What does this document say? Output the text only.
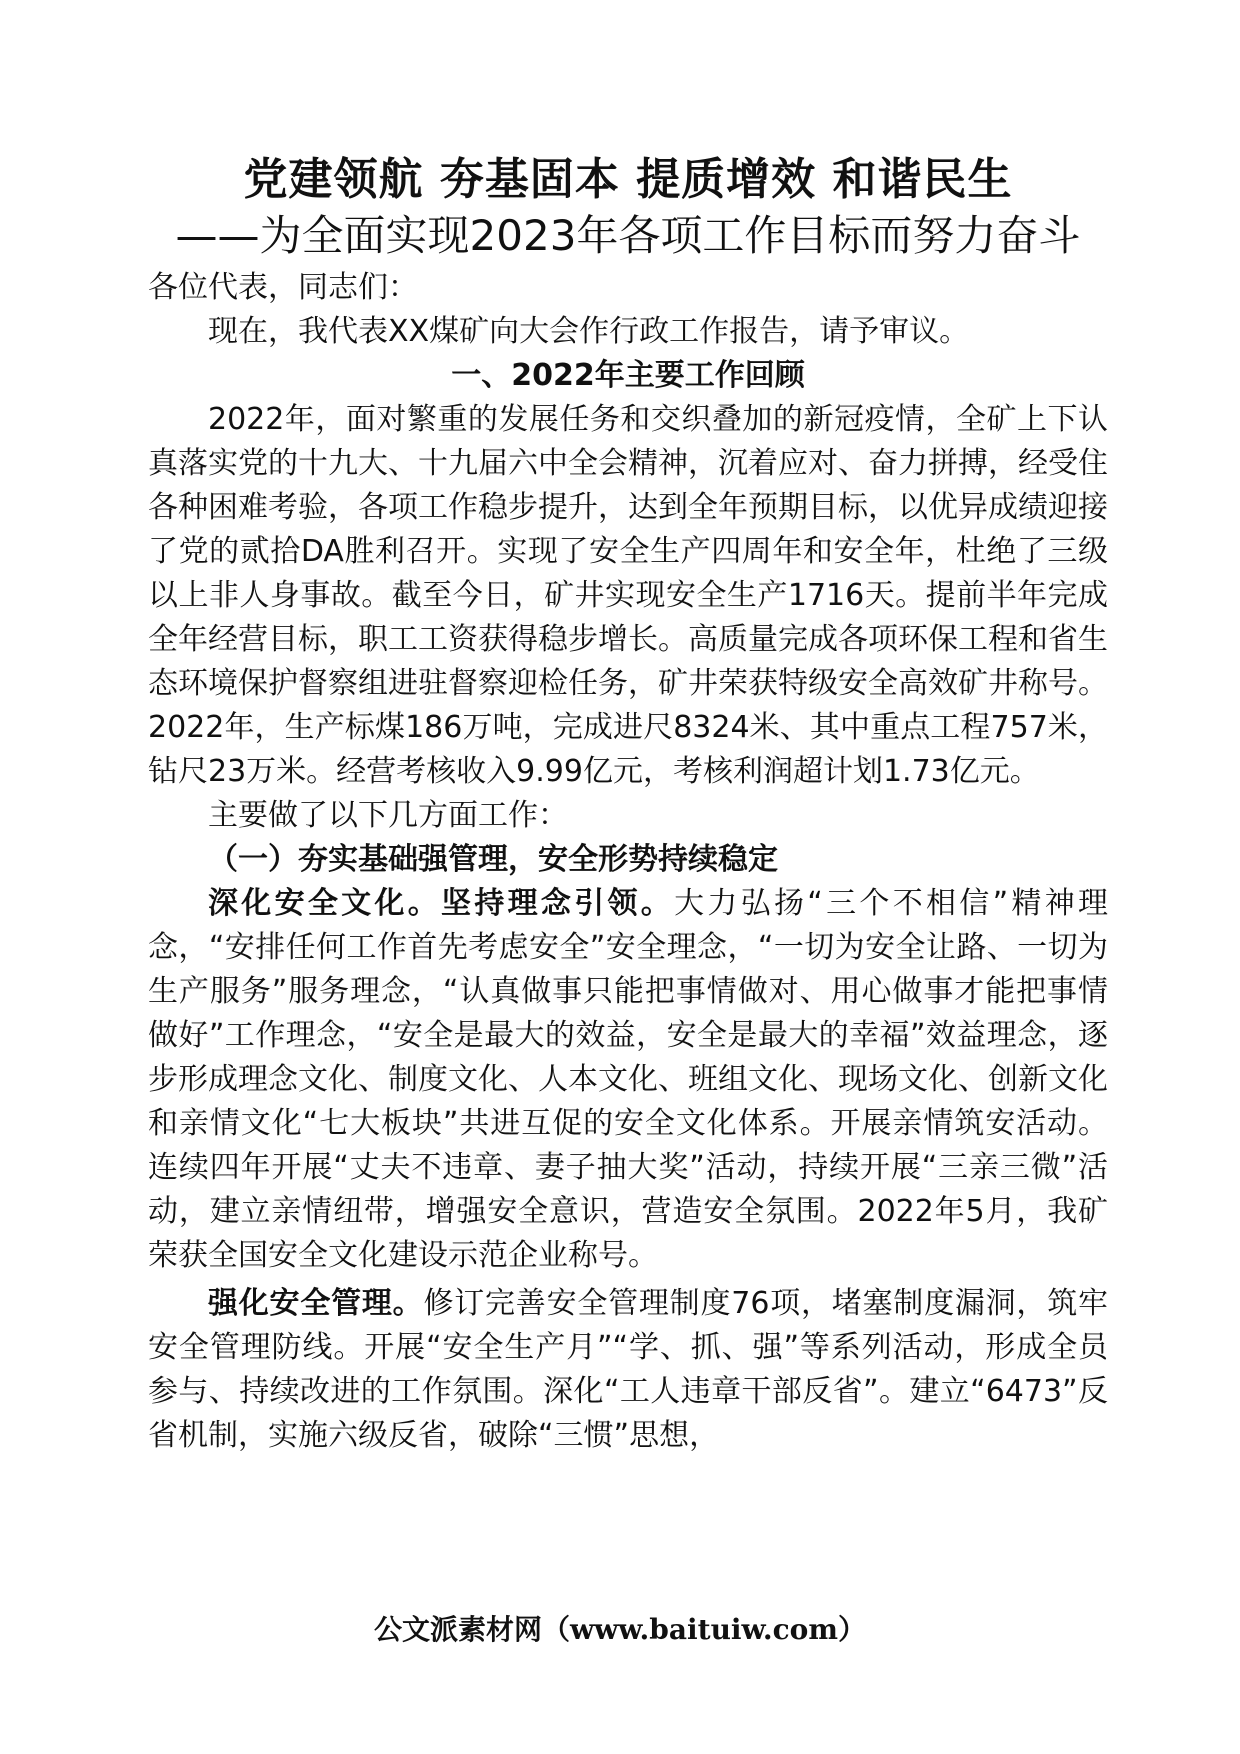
党建领航 夯基固本 提质增效 和谐民生

——为全面实现2023年各项工作目标而努力奋斗

各位代表，同志们：

现在，我代表XX煤矿向大会作行政工作报告，请予审议。

一、2022年主要工作回顾

2022年，面对繁重的发展任务和交织叠加的新冠疫情，全矿上下认真落实党的十九大、十九届六中全会精神，沉着应对、奋力拼搏，经受住各种困难考验，各项工作稳步提升，达到全年预期目标，以优异成绩迎接了党的贰拾DA胜利召开。实现了安全生产四周年和安全年，杜绝了三级以上非人身事故。截至今日，矿井实现安全生产1716天。提前半年完成全年经营目标，职工工资获得稳步增长。高质量完成各项环保工程和省生态环境保护督察组进驻督察迎检任务，矿井荣获特级安全高效矿井称号。2022年，生产标煤186万吨，完成进尺8324米、其中重点工程757米，钻尺23万米。经营考核收入9.99亿元，考核利润超计划1.73亿元。

主要做了以下几方面工作：

（一）夯实基础强管理，安全形势持续稳定

深化安全文化。坚持理念引领。大力弘扬“三个不相信”精神理念，“安排任何工作首先考虑安全”安全理念，“一切为安全让路、一切为生产服务”服务理念，“认真做事只能把事情做对、用心做事才能把事情做好”工作理念，“安全是最大的效益，安全是最大的幸福”效益理念，逐步形成理念文化、制度文化、人本文化、班组文化、现场文化、创新文化和亲情文化“七大板块”共进互促的安全文化体系。开展亲情筑安活动。连续四年开展“丈夫不违章、妻子抽大奖”活动，持续开展“三亲三微”活动，建立亲情纽带，增强安全意识，营造安全氛围。2022年5月，我矿荣获全国安全文化建设示范企业称号。

强化安全管理。修订完善安全管理制度76项，堵塞制度漏洞，筑牢安全管理防线。开展“安全生产月”“学、抓、强”等系列活动，形成全员参与、持续改进的工作氛围。深化“工人违章干部反省”。建立“6473”反省机制，实施六级反省，破除“三惯”思想，

公文派素材网（www.baituiw.com）
